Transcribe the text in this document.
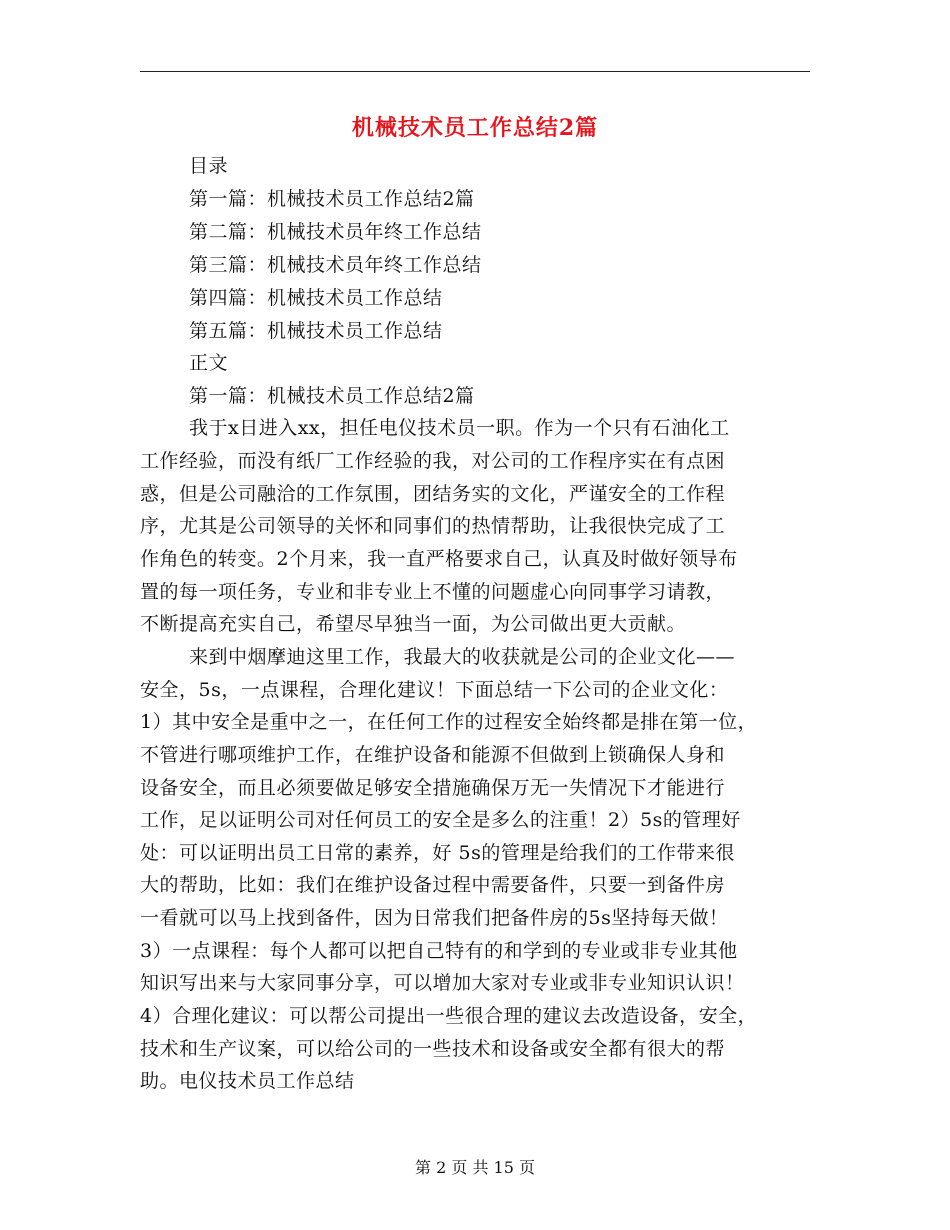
机械技术员工作总结2篇
目录
第一篇：机械技术员工作总结2篇
第二篇：机械技术员年终工作总结
第三篇：机械技术员年终工作总结
第四篇：机械技术员工作总结
第五篇：机械技术员工作总结
正文
第一篇：机械技术员工作总结2篇
我于x日进入xx，担任电仪技术员一职。作为一个只有石油化工
工作经验，而没有纸厂工作经验的我，对公司的工作程序实在有点困
惑，但是公司融洽的工作氛围，团结务实的文化，严谨安全的工作程
序，尤其是公司领导的关怀和同事们的热情帮助，让我很快完成了工
作角色的转变。2个月来，我一直严格要求自己，认真及时做好领导布
置的每一项任务，专业和非专业上不懂的问题虚心向同事学习请教，
不断提高充实自己，希望尽早独当一面，为公司做出更大贡献。
来到中烟摩迪这里工作，我最大的收获就是公司的企业文化——
安全，5s，一点课程，合理化建议！下面总结一下公司的企业文化：
1）其中安全是重中之一，在任何工作的过程安全始终都是排在第一位，
不管进行哪项维护工作，在维护设备和能源不但做到上锁确保人身和
设备安全，而且必须要做足够安全措施确保万无一失情况下才能进行
工作，足以证明公司对任何员工的安全是多么的注重！2）5s的管理好
处：可以证明出员工日常的素养，好 5s的管理是给我们的工作带来很
大的帮助，比如：我们在维护设备过程中需要备件，只要一到备件房
一看就可以马上找到备件，因为日常我们把备件房的5s坚持每天做！
3）一点课程：每个人都可以把自己特有的和学到的专业或非专业其他
知识写出来与大家同事分享，可以增加大家对专业或非专业知识认识！
4）合理化建议：可以帮公司提出一些很合理的建议去改造设备，安全，
技术和生产议案，可以给公司的一些技术和设备或安全都有很大的帮
助。电仪技术员工作总结
第 2 页 共 15 页
